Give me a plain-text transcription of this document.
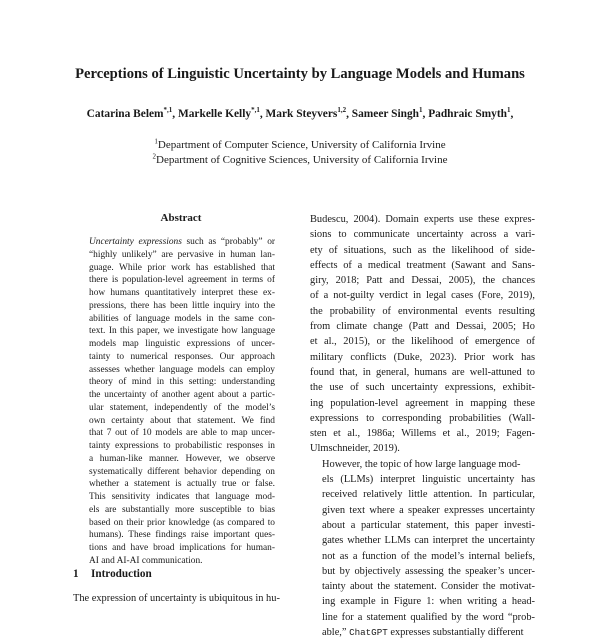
Perceptions of Linguistic Uncertainty by Language Models and Humans
Catarina Belem$^{*,1}$, Markelle Kelly$^{*,1}$, Mark Steyvers$^{1,2}$, Sameer Singh$^1$, Padhraic Smyth$^1$,
$^1$Department of Computer Science, University of California Irvine
$^2$Department of Cognitive Sciences, University of California Irvine
Abstract
Uncertainty expressions such as “probably” or
“highly unlikely” are pervasive in human lan-
guage. While prior work has established that
there is population-level agreement in terms of
how humans quantitatively interpret these ex-
pressions, there has been little inquiry into the
abilities of language models in the same con-
text. In this paper, we investigate how language
models map linguistic expressions of uncer-
tainty to numerical responses. Our approach
assesses whether language models can employ
theory of mind in this setting: understanding
the uncertainty of another agent about a partic-
ular statement, independently of the model’s
own certainty about that statement. We find
that 7 out of 10 models are able to map uncer-
tainty expressions to probabilistic responses in
a human-like manner. However, we observe
systematically different behavior depending on
whether a statement is actually true or false.
This sensitivity indicates that language mod-
els are substantially more susceptible to bias
based on their prior knowledge (as compared to
humans). These findings raise important ques-
tions and have broad implications for human-
AI and AI-AI communication.
1 Introduction
The expression of uncertainty is ubiquitous in hu-

Budescu, 2004). Domain experts use these expres-
sions to communicate uncertainty across a vari-
ety of situations, such as the likelihood of side-
effects of a medical treatment (Sawant and Sans-
giry, 2018; Patt and Dessai, 2005), the chances
of a not-guilty verdict in legal cases (Fore, 2019),
the probability of environmental events resulting
from climate change (Patt and Dessai, 2005; Ho
et al., 2015), or the likelihood of emergence of
military conflicts (Duke, 2023). Prior work has
found that, in general, humans are well-attuned to
the use of such uncertainty expressions, exhibit-
ing population-level agreement in mapping these
expressions to corresponding probabilities (Wall-
sten et al., 1986a; Willems et al., 2019; Fagen-
Ulmschneider, 2019).

However, the topic of how large language mod-
els (LLMs) interpret linguistic uncertainty has
received relatively little attention. In particular,
given text where a speaker expresses uncertainty
about a particular statement, this paper investi-
gates whether LLMs can interpret the uncertainty
not as a function of the model’s internal beliefs,
but by objectively assessing the speaker’s uncer-
tainty about the statement. Consider the motivat-
ing example in Figure 1: when writing a head-
line for a statement qualified by the word “prob-
able,” ChatGPT expresses substantially different
